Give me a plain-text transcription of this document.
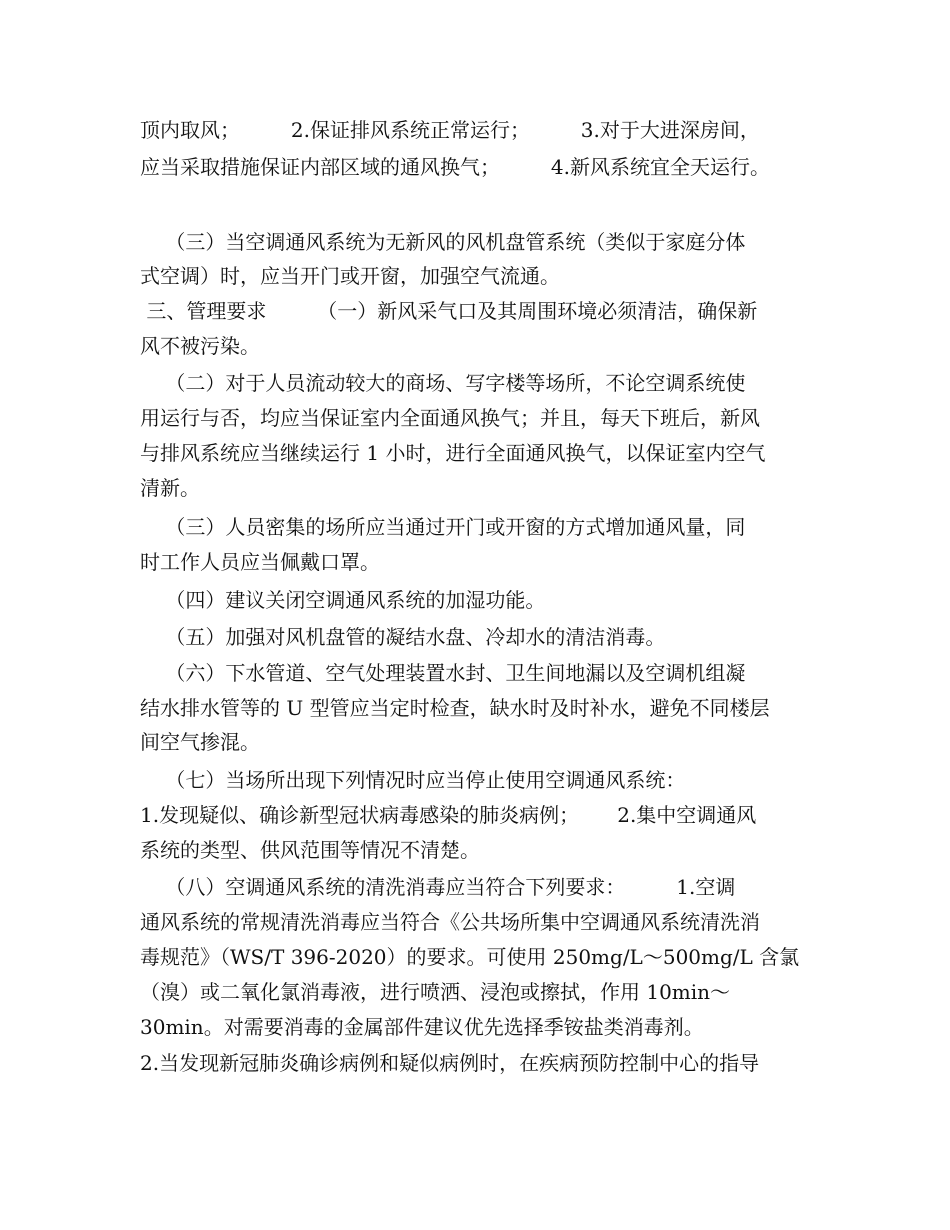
顶内取风；        2.保证排风系统正常运行；        3.对于大进深房间，

应当采取措施保证内部区域的通风换气；        4.新风系统宜全天运行。

（三）当空调通风系统为无新风的风机盘管系统（类似于家庭分体

式空调）时，应当开门或开窗，加强空气流通。

三、管理要求        （一）新风采气口及其周围环境必须清洁，确保新

风不被污染。

（二）对于人员流动较大的商场、写字楼等场所，不论空调系统使

用运行与否，均应当保证室内全面通风换气；并且，每天下班后，新风

与排风系统应当继续运行 1 小时，进行全面通风换气，以保证室内空气

清新。

（三）人员密集的场所应当通过开门或开窗的方式增加通风量，同

时工作人员应当佩戴口罩。

（四）建议关闭空调通风系统的加湿功能。

（五）加强对风机盘管的凝结水盘、冷却水的清洁消毒。

（六）下水管道、空气处理装置水封、卫生间地漏以及空调机组凝

结水排水管等的 U 型管应当定时检查，缺水时及时补水，避免不同楼层

间空气掺混。

（七）当场所出现下列情况时应当停止使用空调通风系统：

1.发现疑似、确诊新型冠状病毒感染的肺炎病例；      2.集中空调通风

系统的类型、供风范围等情况不清楚。

（八）空调通风系统的清洗消毒应当符合下列要求：        1.空调

通风系统的常规清洗消毒应当符合《公共场所集中空调通风系统清洗消

毒规范》（WS/T 396-2020）的要求。可使用 250mg/L～500mg/L 含氯

（溴）或二氧化氯消毒液，进行喷洒、浸泡或擦拭，作用 10min～

30min。对需要消毒的金属部件建议优先选择季铵盐类消毒剂。

2.当发现新冠肺炎确诊病例和疑似病例时，在疾病预防控制中心的指导
